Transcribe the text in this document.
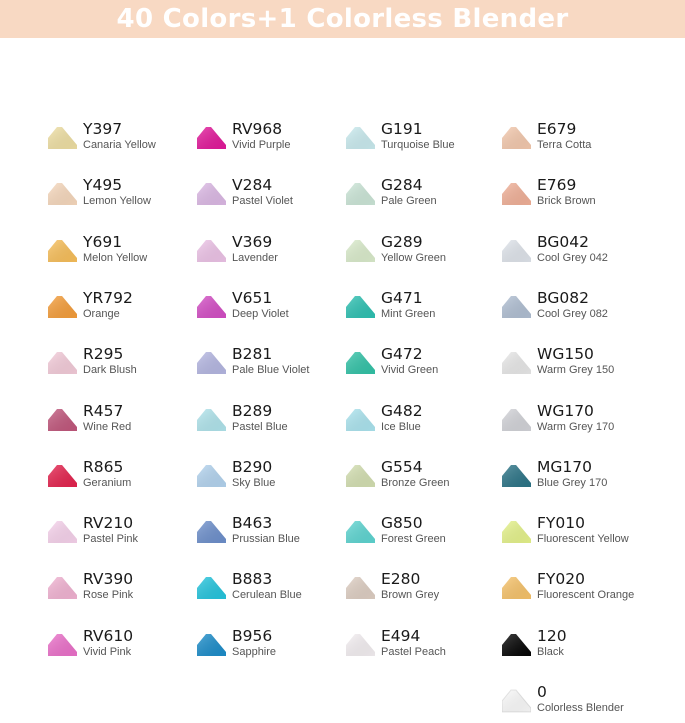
40 Colors+1 Colorless Blender
Y397
Canaria Yellow
Y495
Lemon Yellow
Y691
Melon Yellow
YR792
Orange
R295
Dark Blush
R457
Wine Red
R865
Geranium
RV210
Pastel Pink
RV390
Rose Pink
RV610
Vivid Pink
RV968
Vivid Purple
V284
Pastel Violet
V369
Lavender
V651
Deep Violet
B281
Pale Blue Violet
B289
Pastel Blue
B290
Sky Blue
B463
Prussian Blue
B883
Cerulean Blue
B956
Sapphire
G191
Turquoise Blue
G284
Pale Green
G289
Yellow Green
G471
Mint Green
G472
Vivid Green
G482
Ice Blue
G554
Bronze Green
G850
Forest Green
E280
Brown Grey
E494
Pastel Peach
E679
Terra Cotta
E769
Brick Brown
BG042
Cool Grey 042
BG082
Cool Grey 082
WG150
Warm Grey 150
WG170
Warm Grey 170
MG170
Blue Grey 170
FY010
Fluorescent Yellow
FY020
Fluorescent Orange
120
Black
0
Colorless Blender
